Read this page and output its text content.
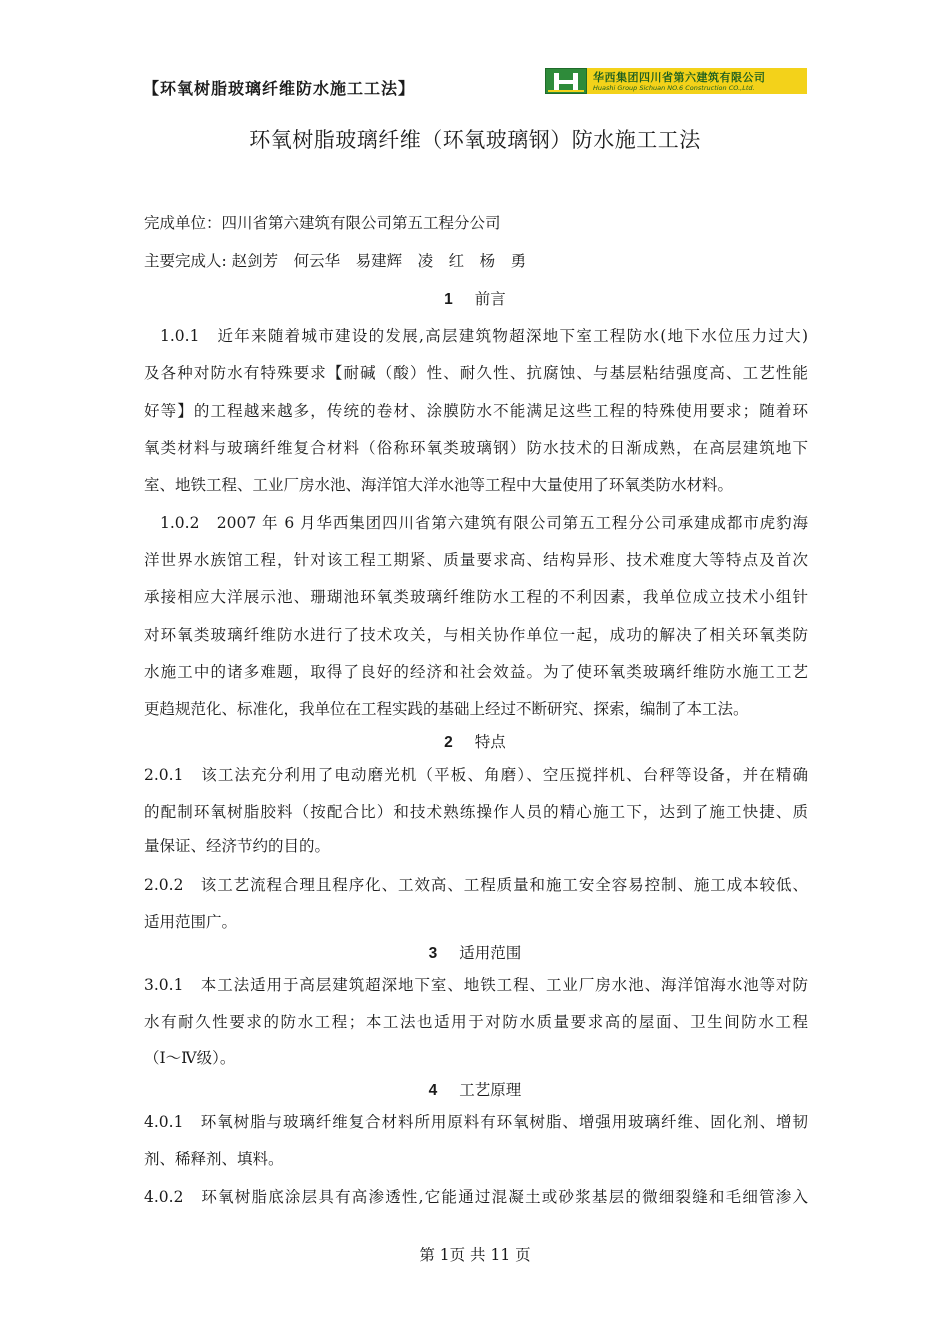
【环氧树脂玻璃纤维防水施工工法】
华西集团四川省第六建筑有限公司
Huashi Group Sichuan NO.6 Construction CO.,Ltd.
环氧树脂玻璃纤维（环氧玻璃钢）防水施工工法
完成单位：四川省第六建筑有限公司第五工程分公司
主要完成人: 赵剑芳　何云华　易建辉　凌　红　杨　勇
1 前言
1.0.1　近年来随着城市建设的发展,高层建筑物超深地下室工程防水(地下水位压力过大)
及各种对防水有特殊要求【耐碱（酸）性、耐久性、抗腐蚀、与基层粘结强度高、工艺性能
好等】的工程越来越多，传统的卷材、涂膜防水不能满足这些工程的特殊使用要求；随着环
氧类材料与玻璃纤维复合材料（俗称环氧类玻璃钢）防水技术的日渐成熟，在高层建筑地下
室、地铁工程、工业厂房水池、海洋馆大洋水池等工程中大量使用了环氧类防水材料。
1.0.2　2007 年 6 月华西集团四川省第六建筑有限公司第五工程分公司承建成都市虎豹海
洋世界水族馆工程，针对该工程工期紧、质量要求高、结构异形、技术难度大等特点及首次
承接相应大洋展示池、珊瑚池环氧类玻璃纤维防水工程的不利因素，我单位成立技术小组针
对环氧类玻璃纤维防水进行了技术攻关，与相关协作单位一起，成功的解决了相关环氧类防
水施工中的诸多难题，取得了良好的经济和社会效益。为了使环氧类玻璃纤维防水施工工艺
更趋规范化、标准化，我单位在工程实践的基础上经过不断研究、探索，编制了本工法。
2 特点
2.0.1　该工法充分利用了电动磨光机（平板、角磨）、空压搅拌机、台秤等设备，并在精确
的配制环氧树脂胶料（按配合比）和技术熟练操作人员的精心施工下，达到了施工快捷、质
量保证、经济节约的目的。
2.0.2　该工艺流程合理且程序化、工效高、工程质量和施工安全容易控制、施工成本较低、
适用范围广。
3 适用范围
3.0.1　本工法适用于高层建筑超深地下室、地铁工程、工业厂房水池、海洋馆海水池等对防
水有耐久性要求的防水工程；本工法也适用于对防水质量要求高的屋面、卫生间防水工程
（Ⅰ～Ⅳ级）。
4 工艺原理
4.0.1　环氧树脂与玻璃纤维复合材料所用原料有环氧树脂、增强用玻璃纤维、固化剂、增韧
剂、稀释剂、填料。
4.0.2　环氧树脂底涂层具有高渗透性,它能通过混凝土或砂浆基层的微细裂缝和毛细管渗入
第 1页 共 11 页
